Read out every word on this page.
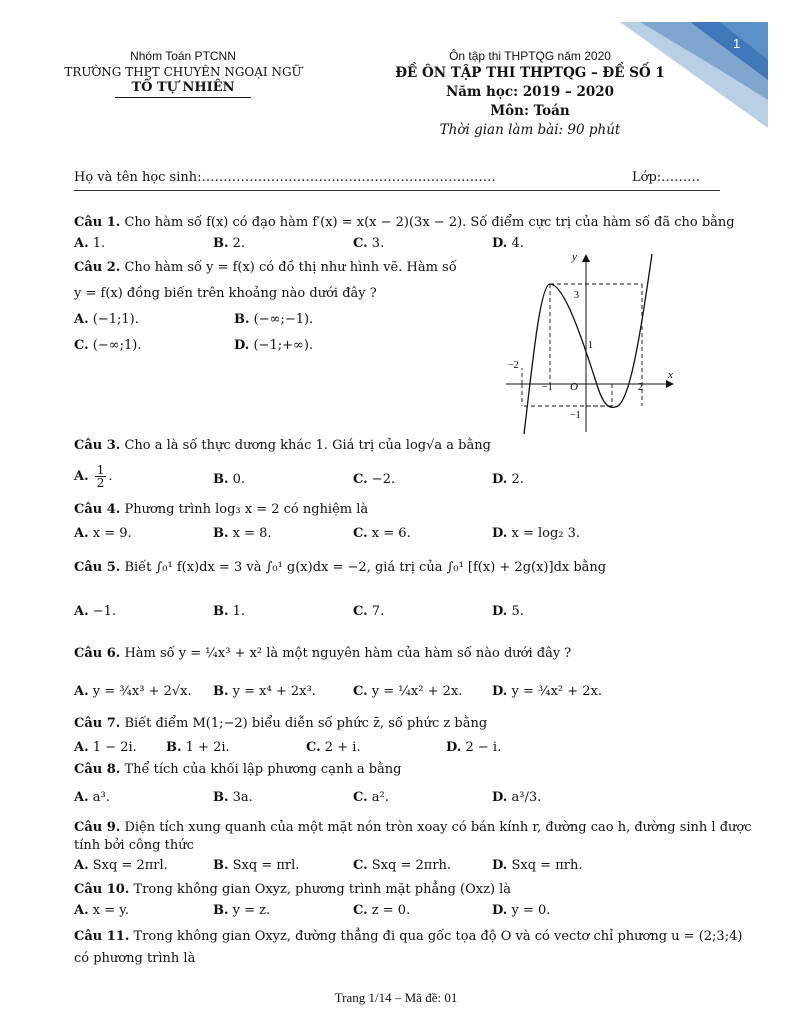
1
Nhóm Toán PTCNN
TRƯỜNG THPT CHUYÊN NGOẠI NGỮ
TỔ TỰ NHIÊN
Ôn tập thi THPTQG năm 2020
ĐỀ ÔN TẬP THI THPTQG – ĐỀ SỐ 1
Năm học: 2019 – 2020
Môn: Toán
Thời gian làm bài: 90 phút
Họ và tên học sinh:…………………………..………………………………	Lớp:………
Câu 1. Cho hàm số f(x) có đạo hàm f′(x) = x(x − 2)(3x − 2). Số điểm cực trị của hàm số đã cho bằng
A. 1.	B. 2.	C. 3.	D. 4.
Câu 2. Cho hàm số y = f(x) có đồ thị như hình vẽ. Hàm số
y = f(x) đồng biến trên khoảng nào dưới đây ?
A. (−1;1).	B. (−∞;−1).
C. (−∞;1).	D. (−1;+∞).
y
x
O
3
1
−2
−1	2
−1
Câu 3. Cho a là số thực dương khác 1. Giá trị của log√a a bằng
A. $\frac{1}{2}$ .	B. 0.	C. −2.	D. 2.
Câu 4. Phương trình log₃ x = 2 có nghiệm là
A. x = 9.	B. x = 8.	C. x = 6.	D. x = log₂ 3.
Câu 5. Biết ∫₀¹ f(x)dx = 3 và ∫₀¹ g(x)dx = −2, giá trị của ∫₀¹ [f(x) + 2g(x)]dx bằng
A. −1.	B. 1.	C. 7.	D. 5.
Câu 6. Hàm số y = ¼x³ + x² là một nguyên hàm của hàm số nào dưới đây ?
A. y = ¾x³ + 2√x. B. y = x⁴ + 2x³.	C. y = ¼x² + 2x. D. y = ¾x² + 2x.
Câu 7. Biết điểm M(1;−2) biểu diễn số phức z̄, số phức z bằng
A. 1 − 2i. B. 1 + 2i.	C. 2 + i.	D. 2 − i.
Câu 8. Thể tích của khối lập phương cạnh a bằng
A. a³.	B. 3a.	C. a².	D. a³/3.
Câu 9. Diện tích xung quanh của một mặt nón tròn xoay có bán kính r, đường cao h, đường sinh l được
tính bởi công thức
A. Sxq = 2πrl.	B. Sxq = πrl.	C. Sxq = 2πrh.	D. Sxq = πrh.
Câu 10. Trong không gian Oxyz, phương trình mặt phẳng (Oxz) là
A. x = y.	B. y = z.	C. z = 0.	D. y = 0.
Câu 11. Trong không gian Oxyz, đường thẳng đi qua gốc tọa độ O và có vectơ chỉ phương u = (2;3;4)
có phương trình là
Trang 1/14 – Mã đề: 01
